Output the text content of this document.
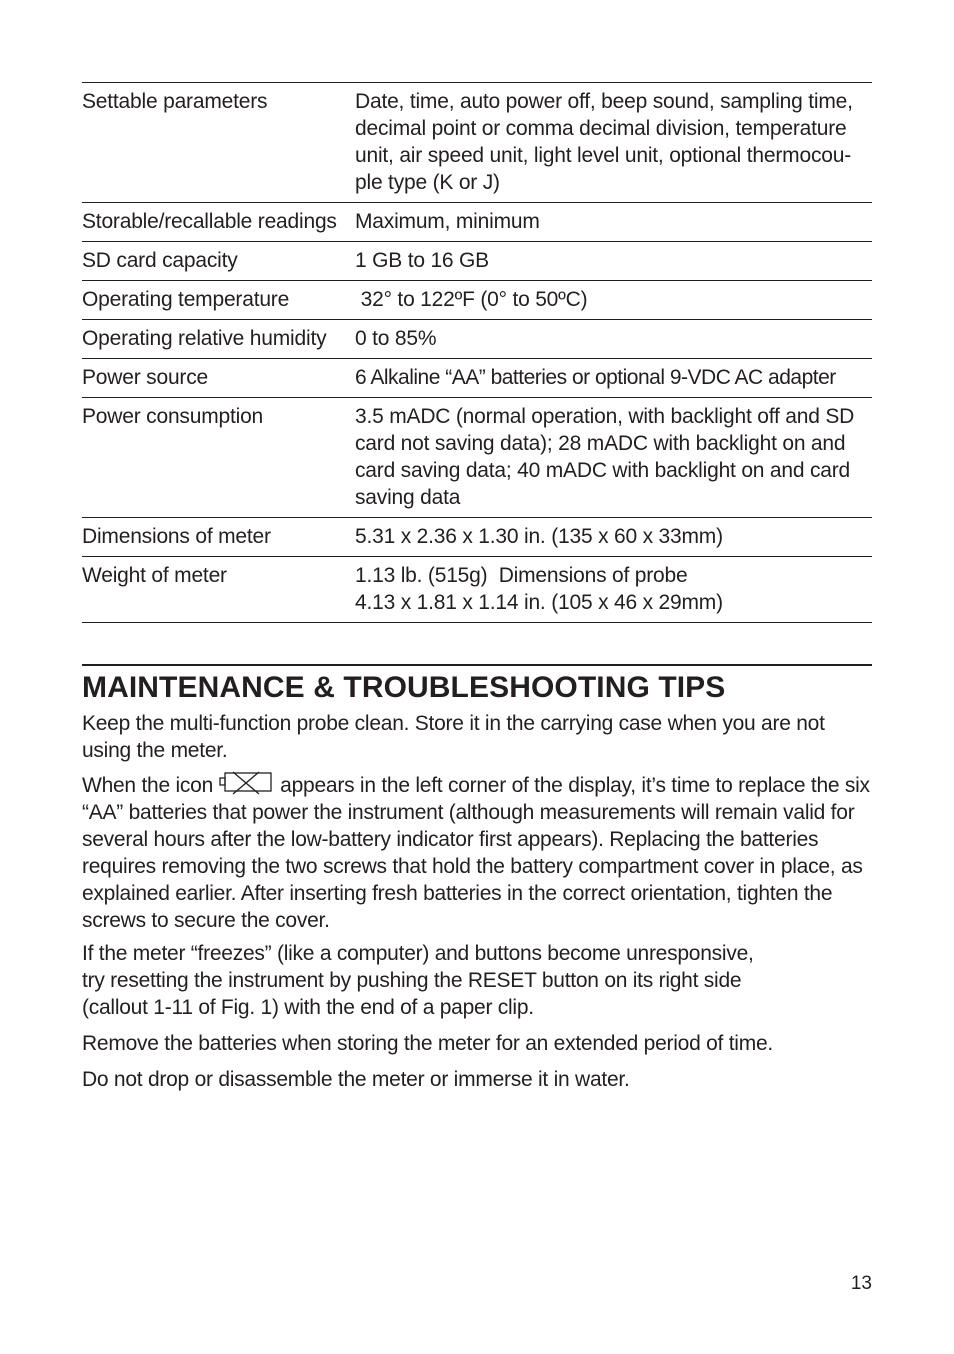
Settable parameters	Date, time, auto power off, beep sound, sampling time, decimal point or comma decimal division, temperature unit, air speed unit, light level unit, optional thermocou-ple type (K or J)
Storable/recallable readings	Maximum, minimum
SD card capacity	1 GB to 16 GB
Operating temperature	32° to 122ºF (0° to 50ºC)
Operating relative humidity	0 to 85%
Power source	6 Alkaline “AA” batteries or optional 9-VDC AC adapter
Power consumption	3.5 mADC (normal operation, with backlight off and SD card not saving data); 28 mADC with backlight on and card saving data; 40 mADC with backlight on and card saving data
Dimensions of meter	5.31 x 2.36 x 1.30 in. (135 x 60 x 33mm)
Weight of meter	1.13 lb. (515g)  Dimensions of probe
4.13 x 1.81 x 1.14 in. (105 x 46 x 29mm)
MAINTENANCE & TROUBLESHOOTING TIPS

Keep the multi-function probe clean. Store it in the carrying case when you are not using the meter.

When the icon	appears in the left corner of the display, it’s time to replace the six “AA” batteries that power the instrument (although measurements will remain valid for several hours after the low-battery indicator first appears). Replacing the batteries requires removing the two screws that hold the battery compartment cover in place, as explained earlier. After inserting fresh batteries in the correct orientation, tighten the screws to secure the cover.

If the meter “freezes” (like a computer) and buttons become unresponsive,
try resetting the instrument by pushing the RESET button on its right side
(callout 1-11 of Fig. 1) with the end of a paper clip.

Remove the batteries when storing the meter for an extended period of time.

Do not drop or disassemble the meter or immerse it in water.

13
